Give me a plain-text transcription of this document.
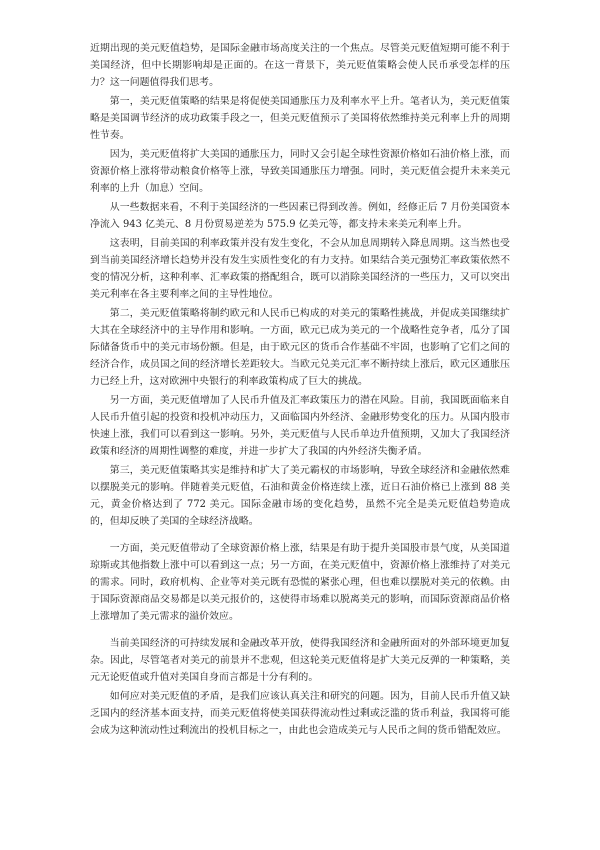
近期出现的美元贬值趋势，是国际金融市场高度关注的一个焦点。尽管美元贬值短期可能不利于美国经济，但中长期影响却是正面的。在这一背景下，美元贬值策略会使人民币承受怎样的压力？这一问题值得我们思考。

第一，美元贬值策略的结果是将促使美国通胀压力及利率水平上升。笔者认为，美元贬值策略是美国调节经济的成功政策手段之一，但美元贬值预示了美国将依然维持美元利率上升的周期性节奏。

因为，美元贬值将扩大美国的通胀压力，同时又会引起全球性资源价格如石油价格上涨，而资源价格上涨将带动粮食价格等上涨，导致美国通胀压力增强。同时，美元贬值会提升未来美元利率的上升（加息）空间。

从一些数据来看，不利于美国经济的一些因素已得到改善。例如，经修正后 7 月份美国资本净流入 943 亿美元、8 月份贸易逆差为 575.9 亿美元等，都支持未来美元利率上升。

这表明，目前美国的利率政策并没有发生变化，不会从加息周期转入降息周期。这当然也受到当前美国经济增长趋势并没有发生实质性变化的有力支持。如果结合美元强势汇率政策依然不变的情况分析，这种利率、汇率政策的搭配组合，既可以消除美国经济的一些压力，又可以突出美元利率在各主要利率之间的主导性地位。

第二，美元贬值策略将制约欧元和人民币已构成的对美元的策略性挑战，并促成美国继续扩大其在全球经济中的主导作用和影响。一方面，欧元已成为美元的一个战略性竞争者，瓜分了国际储备货币中的美元市场份额。但是，由于欧元区的货币合作基础不牢固，也影响了它们之间的经济合作，成员国之间的经济增长差距较大。当欧元兑美元汇率不断持续上涨后，欧元区通胀压力已经上升，这对欧洲中央银行的利率政策构成了巨大的挑战。

另一方面，美元贬值增加了人民币升值及汇率政策压力的潜在风险。目前，我国既面临来自人民币升值引起的投资和投机冲动压力，又面临国内外经济、金融形势变化的压力。从国内股市快速上涨，我们可以看到这一影响。另外，美元贬值与人民币单边升值预期，又加大了我国经济政策和经济的周期性调整的难度，并进一步扩大了我国的内外经济失衡矛盾。

第三，美元贬值策略其实是维持和扩大了美元霸权的市场影响，导致全球经济和金融依然难以摆脱美元的影响。伴随着美元贬值，石油和黄金价格连续上涨，近日石油价格已上涨到 88 美元，黄金价格达到了 772 美元。国际金融市场的变化趋势，虽然不完全是美元贬值趋势造成的，但却反映了美国的全球经济战略。

一方面，美元贬值带动了全球资源价格上涨，结果是有助于提升美国股市景气度，从美国道琼斯或其他指数上涨中可以看到这一点；另一方面，在美元贬值中，资源价格上涨维持了对美元的需求。同时，政府机构、企业等对美元既有恐慌的紧张心理，但也难以摆脱对美元的依赖。由于国际资源商品交易都是以美元报价的，这使得市场难以脱离美元的影响，而国际资源商品价格上涨增加了美元需求的溢价效应。

当前美国经济的可持续发展和金融改革开放，使得我国经济和金融所面对的外部环境更加复杂。因此，尽管笔者对美元的前景并不悲观，但这轮美元贬值将是扩大美元反弹的一种策略，美元无论贬值或升值对美国自身而言都是十分有利的。

如何应对美元贬值的矛盾，是我们应该认真关注和研究的问题。因为，目前人民币升值又缺乏国内的经济基本面支持，而美元贬值将使美国获得流动性过剩或泛滥的货币利益，我国将可能会成为这种流动性过剩流出的投机目标之一，由此也会造成美元与人民币之间的货币错配效应。
